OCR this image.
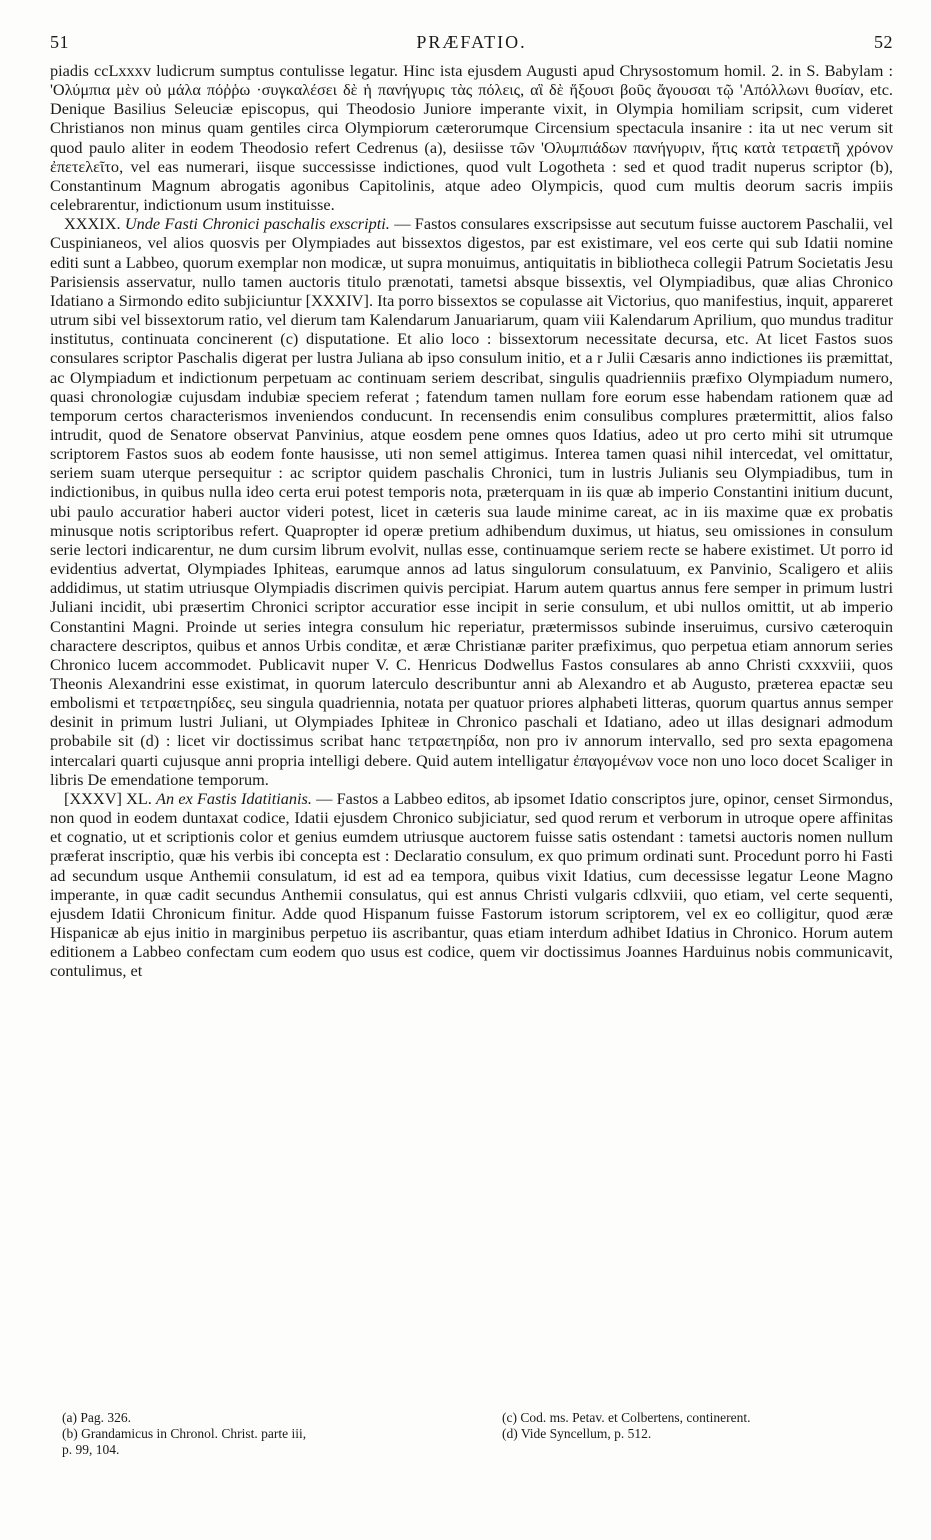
51	PRÆFATIO.	52

piadis ccLxxxv ludicrum sumptus contulisse legatur. Hinc ista ejusdem Augusti apud Chrysostomum homil. 2. in S. Babylam : 'Ολύμπια μὲν οὐ μάλα πόῤῥω ·συγκαλέσει δὲ ἡ πανήγυρις τὰς πόλεις, αἳ δὲ ἥξουσι βοῦς ἄγουσαι τῷ 'Απόλλωνι θυσίαν, etc. Denique Basilius Seleuciæ episcopus, qui Theodosio Juniore imperante vixit, in Olympia homiliam scripsit, cum videret Christianos non minus quam gentiles circa Olympiorum cæterorumque Circensium spectacula insanire : ita ut nec verum sit quod paulo aliter in eodem Theodosio refert Cedrenus (a), desiisse τῶν 'Ολυμπιάδων πανήγυριν, ἥτις κατὰ τετραετῆ χρόνον ἐπετελεῖτο, vel eas numerari, iisque successisse indictiones, quod vult Logotheta : sed et quod tradit nuperus scriptor (b), Constantinum Magnum abrogatis agonibus Capitolinis, atque adeo Olympicis, quod cum multis deorum sacris impiis celebrarentur, indictionum usum instituisse.

XXXIX. Unde Fasti Chronici paschalis exscripti. — Fastos consulares exscripsisse aut secutum fuisse auctorem Paschalii, vel Cuspinianeos, vel alios quosvis per Olympiades aut bissextos digestos, par est existimare, vel eos certe qui sub Idatii nomine editi sunt a Labbeo, quorum exemplar non modicæ, ut supra monuimus, antiquitatis in bibliotheca collegii Patrum Societatis Jesu Parisiensis asservatur, nullo tamen auctoris titulo prænotati, tametsi absque bissextis, vel Olympiadibus, quæ alias Chronico Idatiano a Sirmondo edito subjiciuntur [XXXIV]. Ita porro bissextos se copulasse ait Victorius, quo manifestius, inquit, appareret utrum sibi vel bissextorum ratio, vel dierum tam Kalendarum Januariarum, quam viii Kalendarum Aprilium, quo mundus traditur institutus, continuata concinerent (c) disputatione. Et alio loco : bissextorum necessitate decursa, etc. At licet Fastos suos consulares scriptor Paschalis digerat per lustra Juliana ab ipso consulum initio, et a r Julii Cæsaris anno indictiones iis præmittat, ac Olympiadum et indictionum perpetuam ac continuam seriem describat, singulis quadrienniis præfixo Olympiadum numero, quasi chronologiæ cujusdam indubiæ speciem referat ; fatendum tamen nullam fore eorum esse habendam rationem quæ ad temporum certos characterismos inveniendos conducunt. In recensendis enim consulibus complures prætermittit, alios falso intrudit, quod de Senatore observat Panvinius, atque eosdem pene omnes quos Idatius, adeo ut pro certo mihi sit utrumque scriptorem Fastos suos ab eodem fonte hausisse, uti non semel attigimus. Interea tamen quasi nihil intercedat, vel omittatur, seriem suam uterque persequitur : ac scriptor quidem paschalis Chronici, tum in lustris Julianis seu Olympiadibus, tum in indictionibus, in quibus nulla ideo certa erui potest temporis nota, præterquam in iis quæ ab imperio Constantini initium ducunt, ubi paulo accuratior haberi auctor videri potest, licet in cæteris sua laude minime careat, ac in iis maxime quæ ex probatis minusque notis scriptoribus refert. Quapropter id operæ pretium adhibendum duximus, ut hiatus, seu omissiones in consulum serie lectori indicarentur, ne dum cursim librum evolvit, nullas esse, continuamque seriem recte se habere existimet. Ut porro id evidentius advertat, Olympiades Iphiteas, earumque annos ad latus singulorum consulatuum, ex Panvinio, Scaligero et aliis addidimus, ut statim utriusque Olympiadis discrimen quivis percipiat. Harum autem quartus annus fere semper in primum lustri Juliani incidit, ubi præsertim Chronici scriptor accuratior esse incipit in serie consulum, et ubi nullos omittit, ut ab imperio Constantini Magni. Proinde ut series integra consulum hic reperiatur, prætermissos subinde inseruimus, cursivo cæteroquin charactere descriptos, quibus et annos Urbis conditæ, et æræ Christianæ pariter præfiximus, quo perpetua etiam annorum series Chronico lucem accommodet. Publicavit nuper V. C. Henricus Dodwellus Fastos consulares ab anno Christi cxxxviii, quos Theonis Alexandrini esse existimat, in quorum laterculo describuntur anni ab Alexandro et ab Augusto, præterea epactæ seu embolismi et τετραετηρίδες, seu singula quadriennia, notata per quatuor priores alphabeti litteras, quorum quartus annus semper desinit in primum lustri Juliani, ut Olympiades Iphiteæ in Chronico paschali et Idatiano, adeo ut illas designari admodum probabile sit (d) : licet vir doctissimus scribat hanc τετραετηρίδα, non pro iv annorum intervallo, sed pro sexta epagomena intercalari quarti cujusque anni propria intelligi debere. Quid autem intelligatur ἐπαγομένων voce non uno loco docet Scaliger in libris De emendatione temporum.

[XXXV] XL. An ex Fastis Idatitianis. — Fastos a Labbeo editos, ab ipsomet Idatio conscriptos jure, opinor, censet Sirmondus, non quod in eodem duntaxat codice, Idatii ejusdem Chronico subjiciatur, sed quod rerum et verborum in utroque opere affinitas et cognatio, ut et scriptionis color et genius eumdem utriusque auctorem fuisse satis ostendant : tametsi auctoris nomen nullum præferat inscriptio, quæ his verbis ibi concepta est : Declaratio consulum, ex quo primum ordinati sunt. Procedunt porro hi Fasti ad secundum usque Anthemii consulatum, id est ad ea tempora, quibus vixit Idatius, cum decessisse legatur Leone Magno imperante, in quæ cadit secundus Anthemii consulatus, qui est annus Christi vulgaris cdlxviii, quo etiam, vel certe sequenti, ejusdem Idatii Chronicum finitur. Adde quod Hispanum fuisse Fastorum istorum scriptorem, vel ex eo colligitur, quod æræ Hispanicæ ab ejus initio in marginibus perpetuo iis ascribantur, quas etiam interdum adhibet Idatius in Chronico. Horum autem editionem a Labbeo confectam cum eodem quo usus est codice, quem vir doctissimus Joannes Harduinus nobis communicavit, contulimus, et

(a) Pag. 326.

(b) Grandamicus in Chronol. Christ. parte iii,

p. 99, 104.

(c) Cod. ms. Petav. et Colbertens, continerent.

(d) Vide Syncellum, p. 512.
